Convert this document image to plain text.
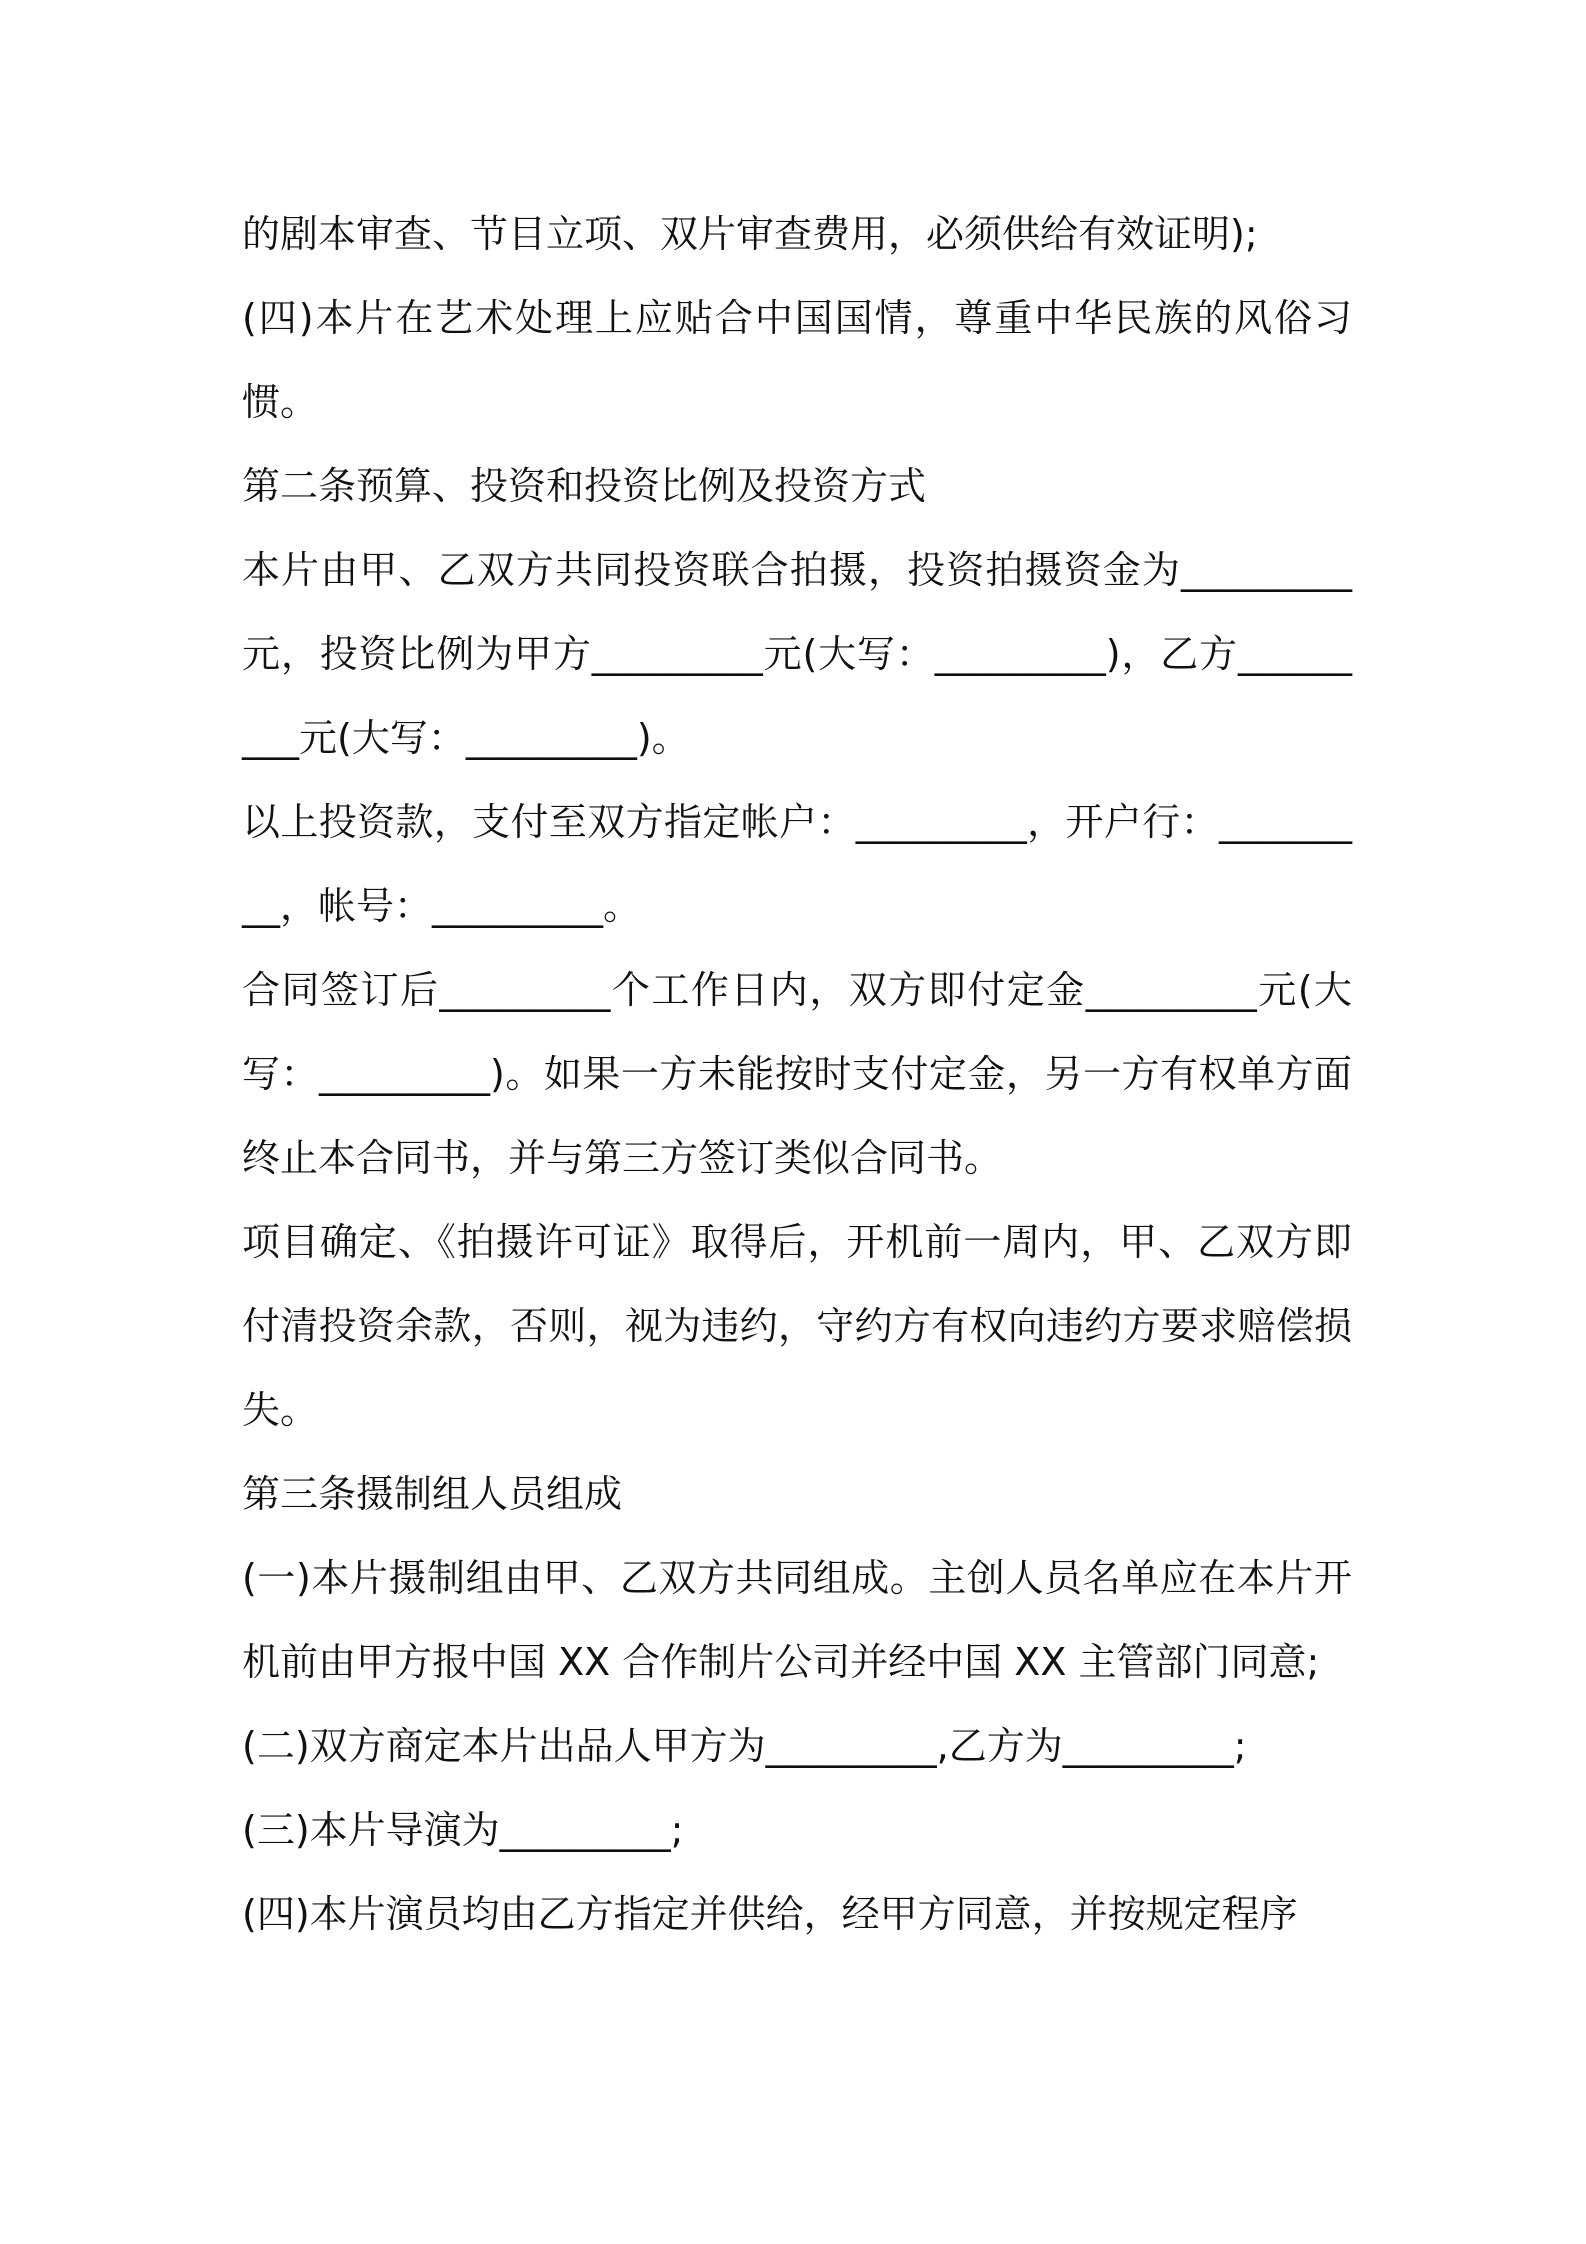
的剧本审查、节目立项、双片审查费用，必须供给有效证明);

(四)本片在艺术处理上应贴合中国国情，尊重中华民族的风俗习惯。

第二条预算、投资和投资比例及投资方式

本片由甲、乙双方共同投资联合拍摄，投资拍摄资金为_________元，投资比例为甲方_________元(大写：_________)，乙方_________元(大写：_________)。

以上投资款，支付至双方指定帐户：_________，开户行：_________，帐号：_________。

合同签订后_________个工作日内，双方即付定金_________元(大写：_________)。如果一方未能按时支付定金，另一方有权单方面终止本合同书，并与第三方签订类似合同书。

项目确定、《拍摄许可证》取得后，开机前一周内，甲、乙双方即付清投资余款，否则，视为违约，守约方有权向违约方要求赔偿损失。

第三条摄制组人员组成

(一)本片摄制组由甲、乙双方共同组成。主创人员名单应在本片开机前由甲方报中国 XX 合作制片公司并经中国 XX 主管部门同意;

(二)双方商定本片出品人甲方为_________,乙方为_________;

(三)本片导演为_________;

(四)本片演员均由乙方指定并供给，经甲方同意，并按规定程序
